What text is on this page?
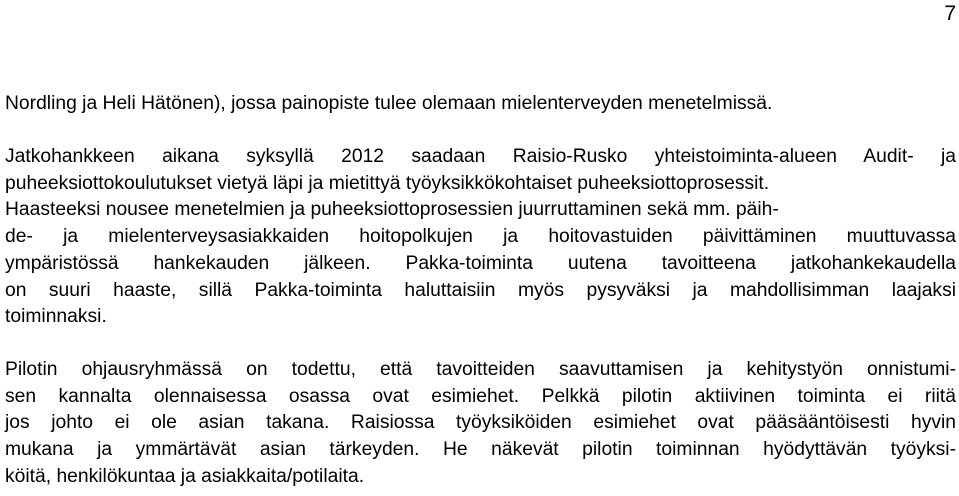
7
Nordling ja Heli Hätönen), jossa painopiste tulee olemaan mielenterveyden menetelmissä.
Jatkohankkeen aikana syksyllä 2012 saadaan Raisio-Rusko yhteistoiminta-alueen Audit- ja
puheeksiottokoulutukset vietyä läpi ja mietittyä työyksikkökohtaiset puheeksiottoprosessit.
Haasteeksi nousee menetelmien ja puheeksiottoprosessien juurruttaminen sekä mm. päih-
de- ja mielenterveysasiakkaiden hoitopolkujen ja hoitovastuiden päivittäminen muuttuvassa
ympäristössä hankekauden jälkeen. Pakka-toiminta uutena tavoitteena jatkohankekaudella
on suuri haaste, sillä Pakka-toiminta haluttaisiin myös pysyväksi ja mahdollisimman laajaksi
toiminnaksi.
Pilotin ohjausryhmässä on todettu, että tavoitteiden saavuttamisen ja kehitystyön onnistumi-
sen kannalta olennaisessa osassa ovat esimiehet. Pelkkä pilotin aktiivinen toiminta ei riitä
jos johto ei ole asian takana. Raisiossa työyksiköiden esimiehet ovat pääsääntöisesti hyvin
mukana ja ymmärtävät asian tärkeyden. He näkevät pilotin toiminnan hyödyttävän työyksi-
köitä, henkilökuntaa ja asiakkaita/potilaita.
